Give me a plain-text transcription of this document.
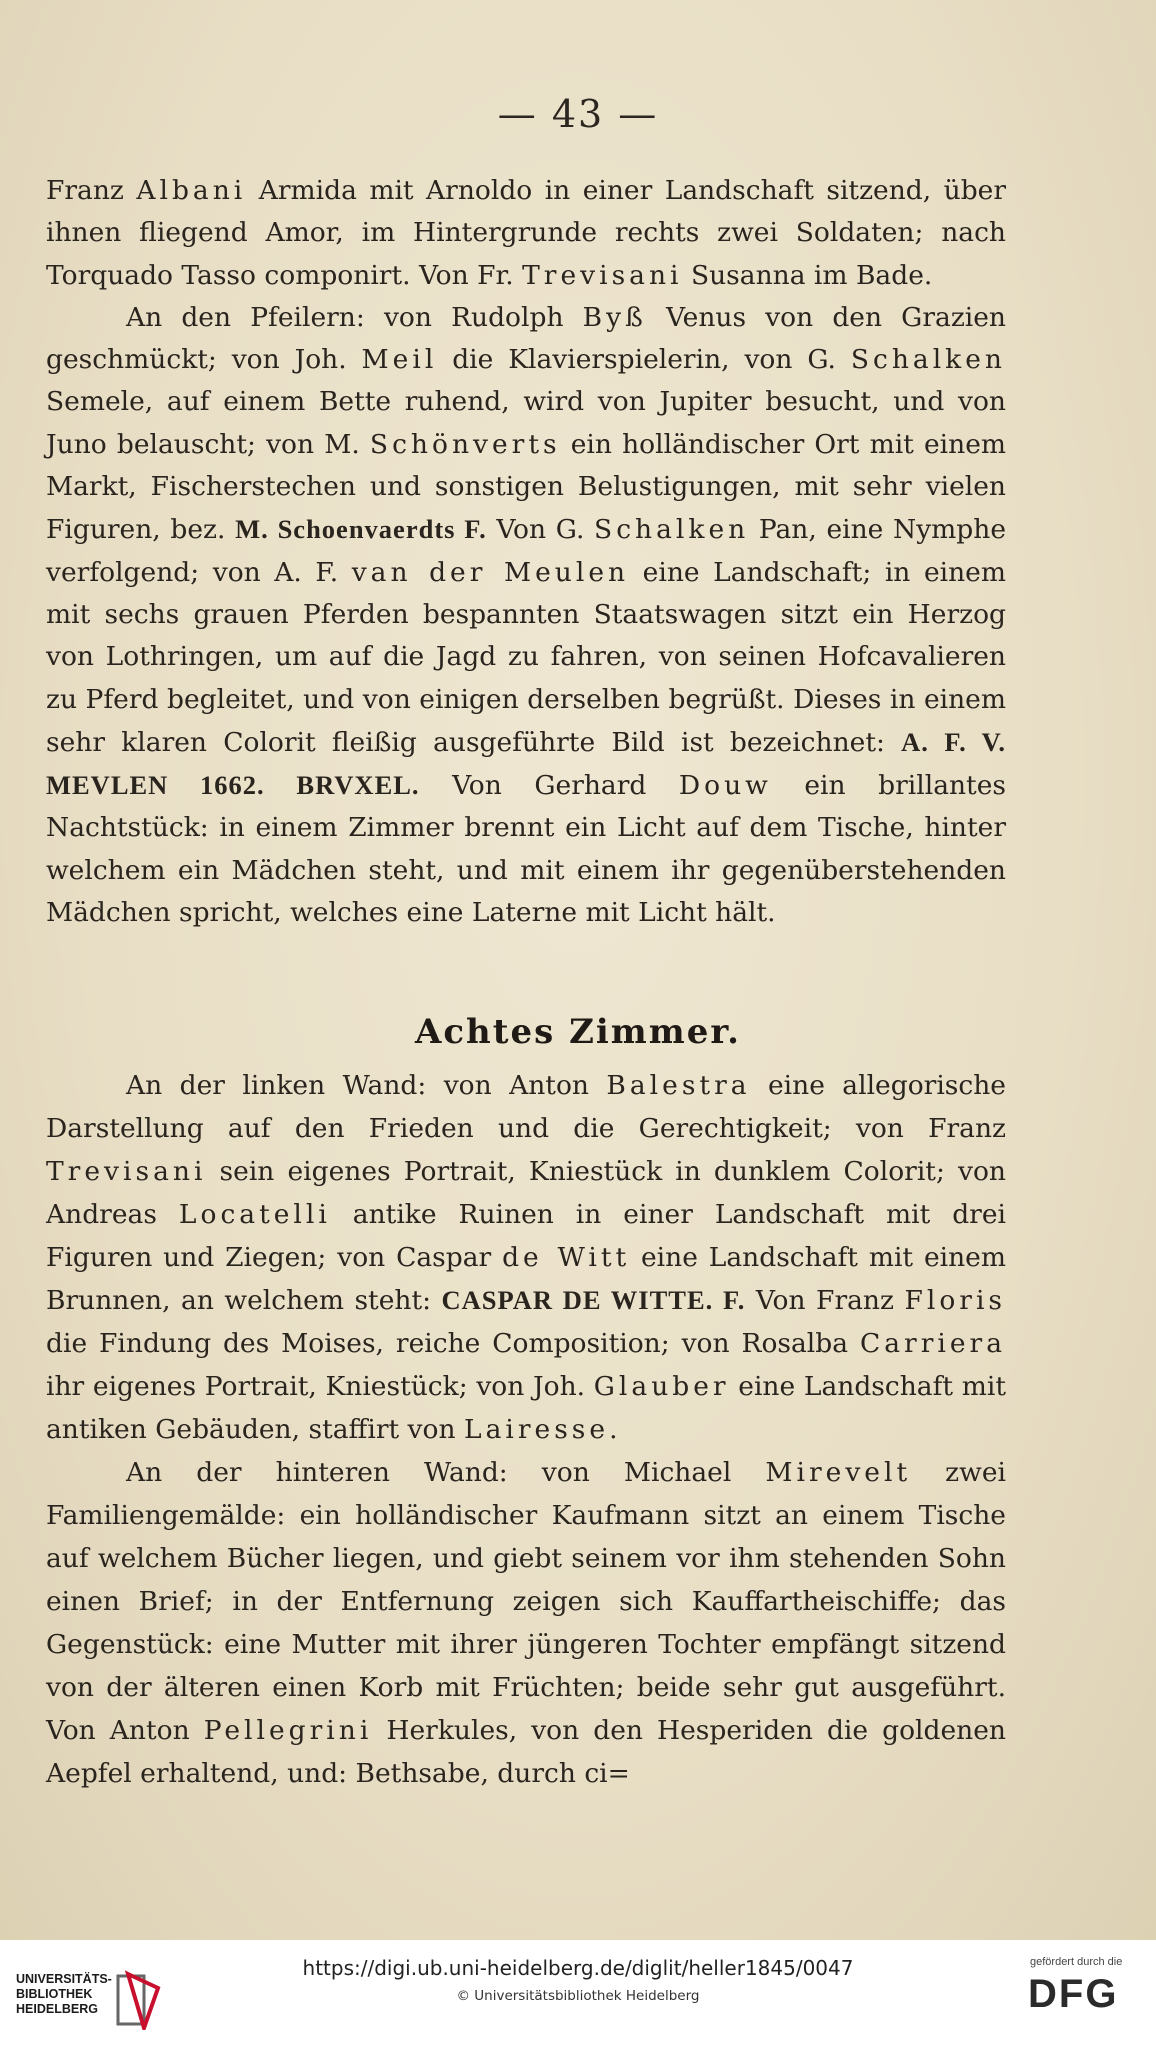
— 43 —

Franz Albani Armida mit Arnoldo in einer Landschaft sitzend, über ihnen fliegend Amor, im Hintergrunde rechts zwei Soldaten; nach Torquado Tasso componirt. Von Fr. Trevisani Susanna im Bade.

An den Pfeilern: von Rudolph Byß Venus von den Grazien geschmückt; von Joh. Meil die Klavierspielerin, von G. Schalken Semele, auf einem Bette ruhend, wird von Jupiter besucht, und von Juno belauscht; von M. Schönverts ein holländischer Ort mit einem Markt, Fischerstechen und sonstigen Belustigungen, mit sehr vielen Figuren, bez. M. Schoenvaerdts F. Von G. Schalken Pan, eine Nymphe verfolgend; von A. F. van der Meulen eine Landschaft; in einem mit sechs grauen Pferden bespannten Staatswagen sitzt ein Herzog von Lothringen, um auf die Jagd zu fahren, von seinen Hofcavalieren zu Pferd begleitet, und von einigen derselben begrüßt. Dieses in einem sehr klaren Colorit fleißig ausgeführte Bild ist bezeichnet: A. F. V. MEVLEN 1662. BRVXEL. Von Gerhard Douw ein brillantes Nachtstück: in einem Zimmer brennt ein Licht auf dem Tische, hinter welchem ein Mädchen steht, und mit einem ihr gegenüberstehenden Mädchen spricht, welches eine Laterne mit Licht hält.

Achtes Zimmer.

An der linken Wand: von Anton Balestra eine allegorische Darstellung auf den Frieden und die Gerechtigkeit; von Franz Trevisani sein eigenes Portrait, Kniestück in dunklem Colorit; von Andreas Locatelli antike Ruinen in einer Landschaft mit drei Figuren und Ziegen; von Caspar de Witt eine Landschaft mit einem Brunnen, an welchem steht: CASPAR DE WITTE. F. Von Franz Floris die Findung des Moises, reiche Composition; von Rosalba Carriera ihr eigenes Portrait, Kniestück; von Joh. Glauber eine Landschaft mit antiken Gebäuden, staffirt von Lairesse.

An der hinteren Wand: von Michael Mirevelt zwei Familiengemälde: ein holländischer Kaufmann sitzt an einem Tische auf welchem Bücher liegen, und giebt seinem vor ihm stehenden Sohn einen Brief; in der Entfernung zeigen sich Kauffartheischiffe; das Gegenstück: eine Mutter mit ihrer jüngeren Tochter empfängt sitzend von der älteren einen Korb mit Früchten; beide sehr gut ausgeführt. Von Anton Pellegrini Herkules, von den Hesperiden die goldenen Aepfel erhaltend, und: Bethsabe, durch ci=

UNIVERSITÄTS-
BIBLIOTHEK
HEIDELBERG
https://digi.ub.uni-heidelberg.de/diglit/heller1845/0047
© Universitätsbibliothek Heidelberg
gefördert durch die
DFG
